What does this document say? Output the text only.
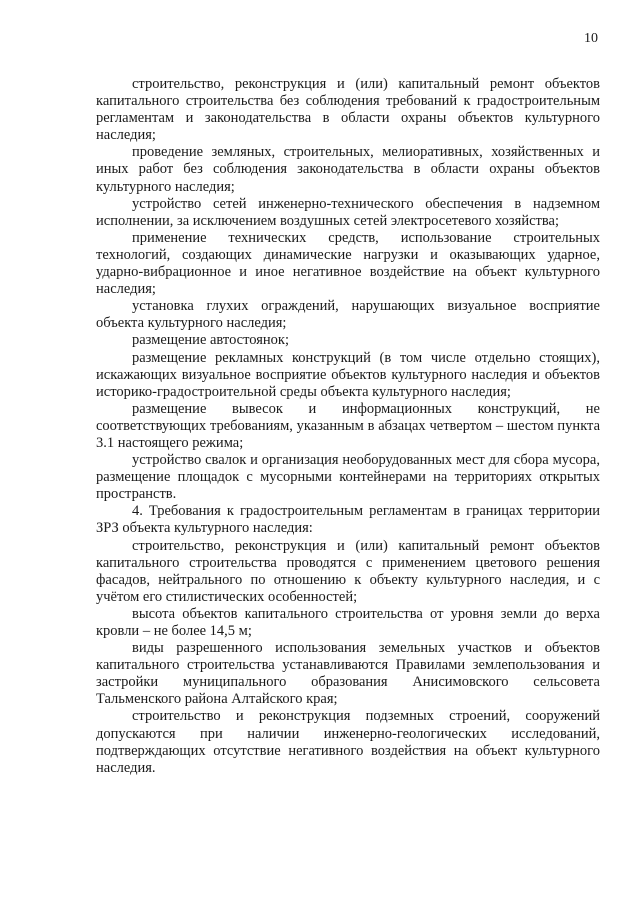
10

строительство, реконструкция и (или) капитальный ремонт объектов капитального строительства без соблюдения требований к градостроительным регламентам и законодательства в области охраны объектов культурного наследия;

проведение земляных, строительных, мелиоративных, хозяйственных и иных работ без соблюдения законодательства в области охраны объектов культурного наследия;

устройство сетей инженерно-технического обеспечения в надземном исполнении, за исключением воздушных сетей электросетевого хозяйства;

применение технических средств, использование строительных технологий, создающих динамические нагрузки и оказывающих ударное, ударно-вибрационное и иное негативное воздействие на объект культурного наследия;

установка глухих ограждений, нарушающих визуальное восприятие объекта культурного наследия;

размещение автостоянок;

размещение рекламных конструкций (в том числе отдельно стоящих), искажающих визуальное восприятие объектов культурного наследия и объектов историко-градостроительной среды объекта культурного наследия;

размещение вывесок и информационных конструкций, не соответствующих требованиям, указанным в абзацах четвертом – шестом пункта 3.1 настоящего режима;

устройство свалок и организация необорудованных мест для сбора мусора, размещение площадок с мусорными контейнерами на территориях открытых пространств.

4. Требования к градостроительным регламентам в границах территории ЗРЗ объекта культурного наследия:

строительство, реконструкция и (или) капитальный ремонт объектов капитального строительства проводятся с применением цветового решения фасадов, нейтрального по отношению к объекту культурного наследия, и с учётом его стилистических особенностей;

высота объектов капитального строительства от уровня земли до верха кровли – не более 14,5 м;

виды разрешенного использования земельных участков и объектов капитального строительства устанавливаются Правилами землепользования и застройки муниципального образования Анисимовского сельсовета Тальменского района Алтайского края;

строительство и реконструкция подземных строений, сооружений допускаются при наличии инженерно-геологических исследований, подтверждающих отсутствие негативного воздействия на объект культурного наследия.
